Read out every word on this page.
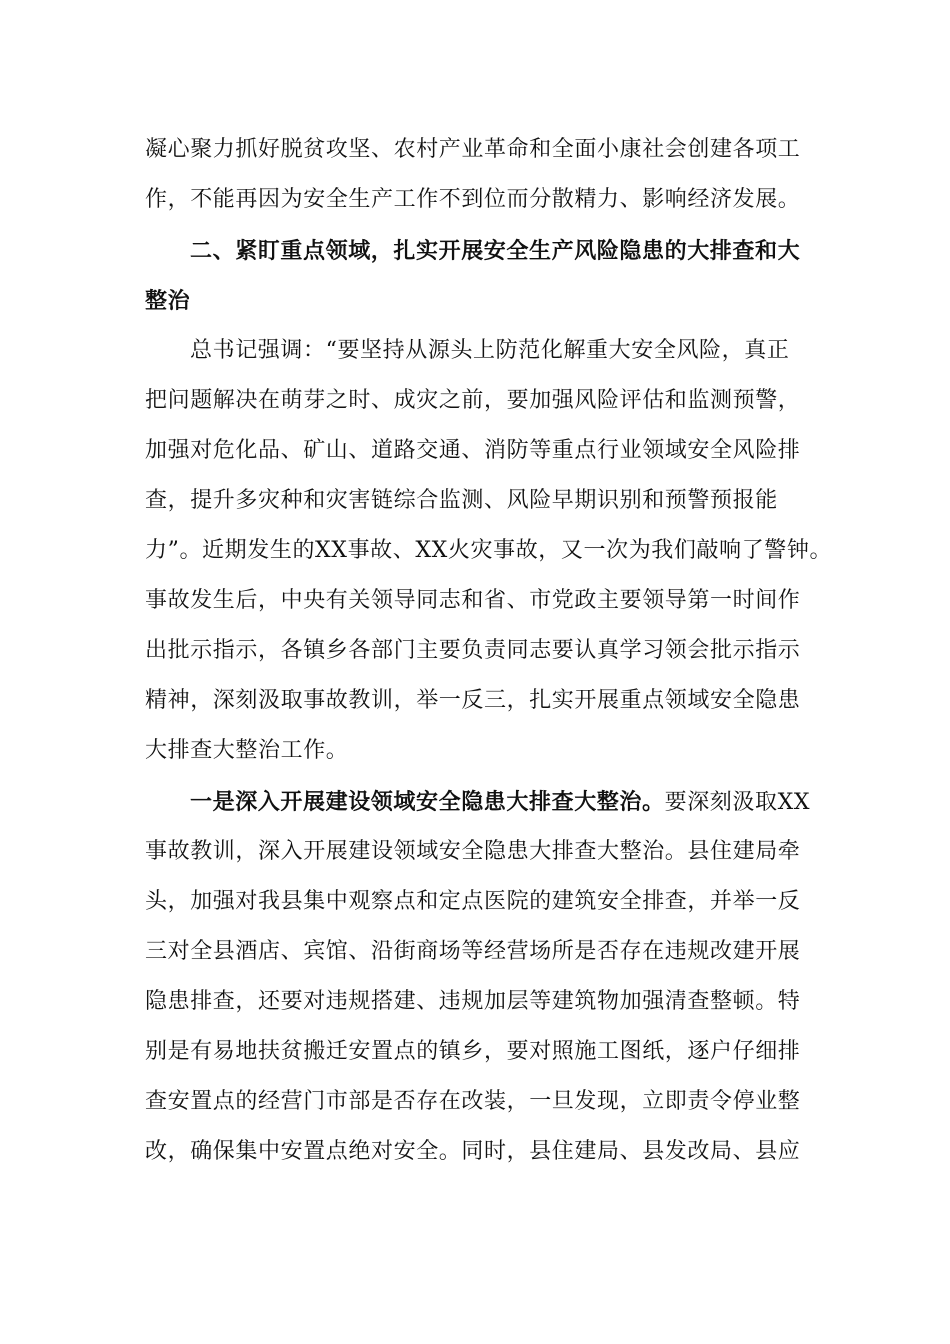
凝心聚力抓好脱贫攻坚、农村产业革命和全面小康社会创建各项工
作，不能再因为安全生产工作不到位而分散精力、影响经济发展。
二、紧盯重点领域，扎实开展安全生产风险隐患的大排查和大
整治
总书记强调：“要坚持从源头上防范化解重大安全风险，真正
把问题解决在萌芽之时、成灾之前，要加强风险评估和监测预警，
加强对危化品、矿山、道路交通、消防等重点行业领域安全风险排
查，提升多灾种和灾害链综合监测、风险早期识别和预警预报能
力”。近期发生的XX事故、XX火灾事故，又一次为我们敲响了警钟。
事故发生后，中央有关领导同志和省、市党政主要领导第一时间作
出批示指示，各镇乡各部门主要负责同志要认真学习领会批示指示
精神，深刻汲取事故教训，举一反三，扎实开展重点领域安全隐患
大排查大整治工作。
一是深入开展建设领域安全隐患大排查大整治。要深刻汲取XX
事故教训，深入开展建设领域安全隐患大排查大整治。县住建局牵
头，加强对我县集中观察点和定点医院的建筑安全排查，并举一反
三对全县酒店、宾馆、沿街商场等经营场所是否存在违规改建开展
隐患排查，还要对违规搭建、违规加层等建筑物加强清查整顿。特
别是有易地扶贫搬迁安置点的镇乡，要对照施工图纸，逐户仔细排
查安置点的经营门市部是否存在改装，一旦发现，立即责令停业整
改，确保集中安置点绝对安全。同时，县住建局、县发改局、县应
